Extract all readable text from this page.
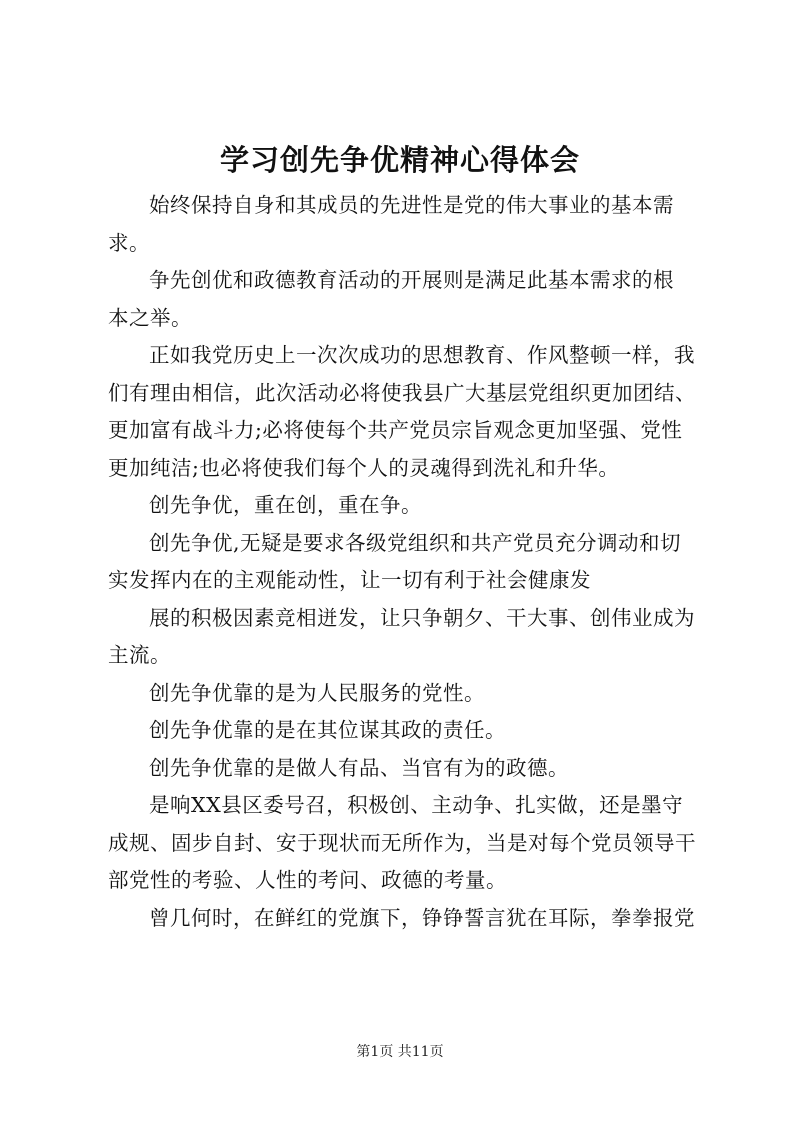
学习创先争优精神心得体会

始终保持自身和其成员的先进性是党的伟大事业的基本需
求。

争先创优和政德教育活动的开展则是满足此基本需求的根
本之举。

正如我党历史上一次次成功的思想教育、作风整顿一样，我
们有理由相信，此次活动必将使我县广大基层党组织更加团结、
更加富有战斗力;必将使每个共产党员宗旨观念更加坚强、党性
更加纯洁;也必将使我们每个人的灵魂得到洗礼和升华。

创先争优，重在创，重在争。

创先争优,无疑是要求各级党组织和共产党员充分调动和切
实发挥内在的主观能动性，让一切有利于社会健康发

展的积极因素竞相迸发，让只争朝夕、干大事、创伟业成为
主流。

创先争优靠的是为人民服务的党性。

创先争优靠的是在其位谋其政的责任。

创先争优靠的是做人有品、当官有为的政德。

是响XX县区委号召，积极创、主动争、扎实做，还是墨守
成规、固步自封、安于现状而无所作为，当是对每个党员领导干
部党性的考验、人性的考问、政德的考量。

曾几何时，在鲜红的党旗下，铮铮誓言犹在耳际，拳拳报党

第1页 共11页
